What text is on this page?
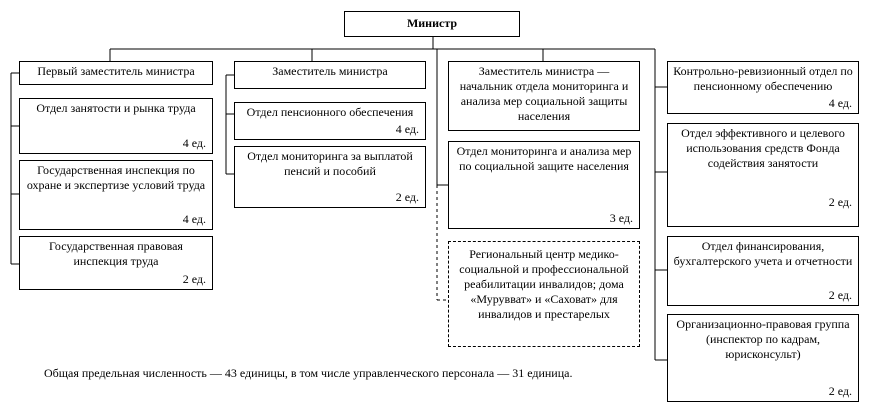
Министр
Первый заместитель министра
Отдел занятости и рынка труда
4 ед.
Государственная инспекция по охране и экспертизе условий труда
4 ед.
Государственная правовая инспекция труда
2 ед.
Заместитель министра
Отдел пенсионного обеспечения
4 ед.
Отдел мониторинга за выплатой пенсий и пособий
2 ед.
Заместитель министра — начальник отдела мониторинга и анализа мер социальной защиты населения
Отдел мониторинга и анализа мер по социальной защите населения
3 ед.
Региональный центр медико-социальной и профессиональной реабилитации инвалидов; дома «Мурувват» и «Саховат» для инвалидов и престарелых
Контрольно-ревизионный отдел по пенсионному обеспечению
4 ед.
Отдел эффективного и целевого использования средств Фонда содействия занятости
2 ед.
Отдел финансирования, бухгалтерского учета и отчетности
2 ед.
Организационно-правовая группа (инспектор по кадрам, юрисконсульт)
2 ед.
Общая предельная численность — 43 единицы, в том числе управленческого персонала — 31 единица.
